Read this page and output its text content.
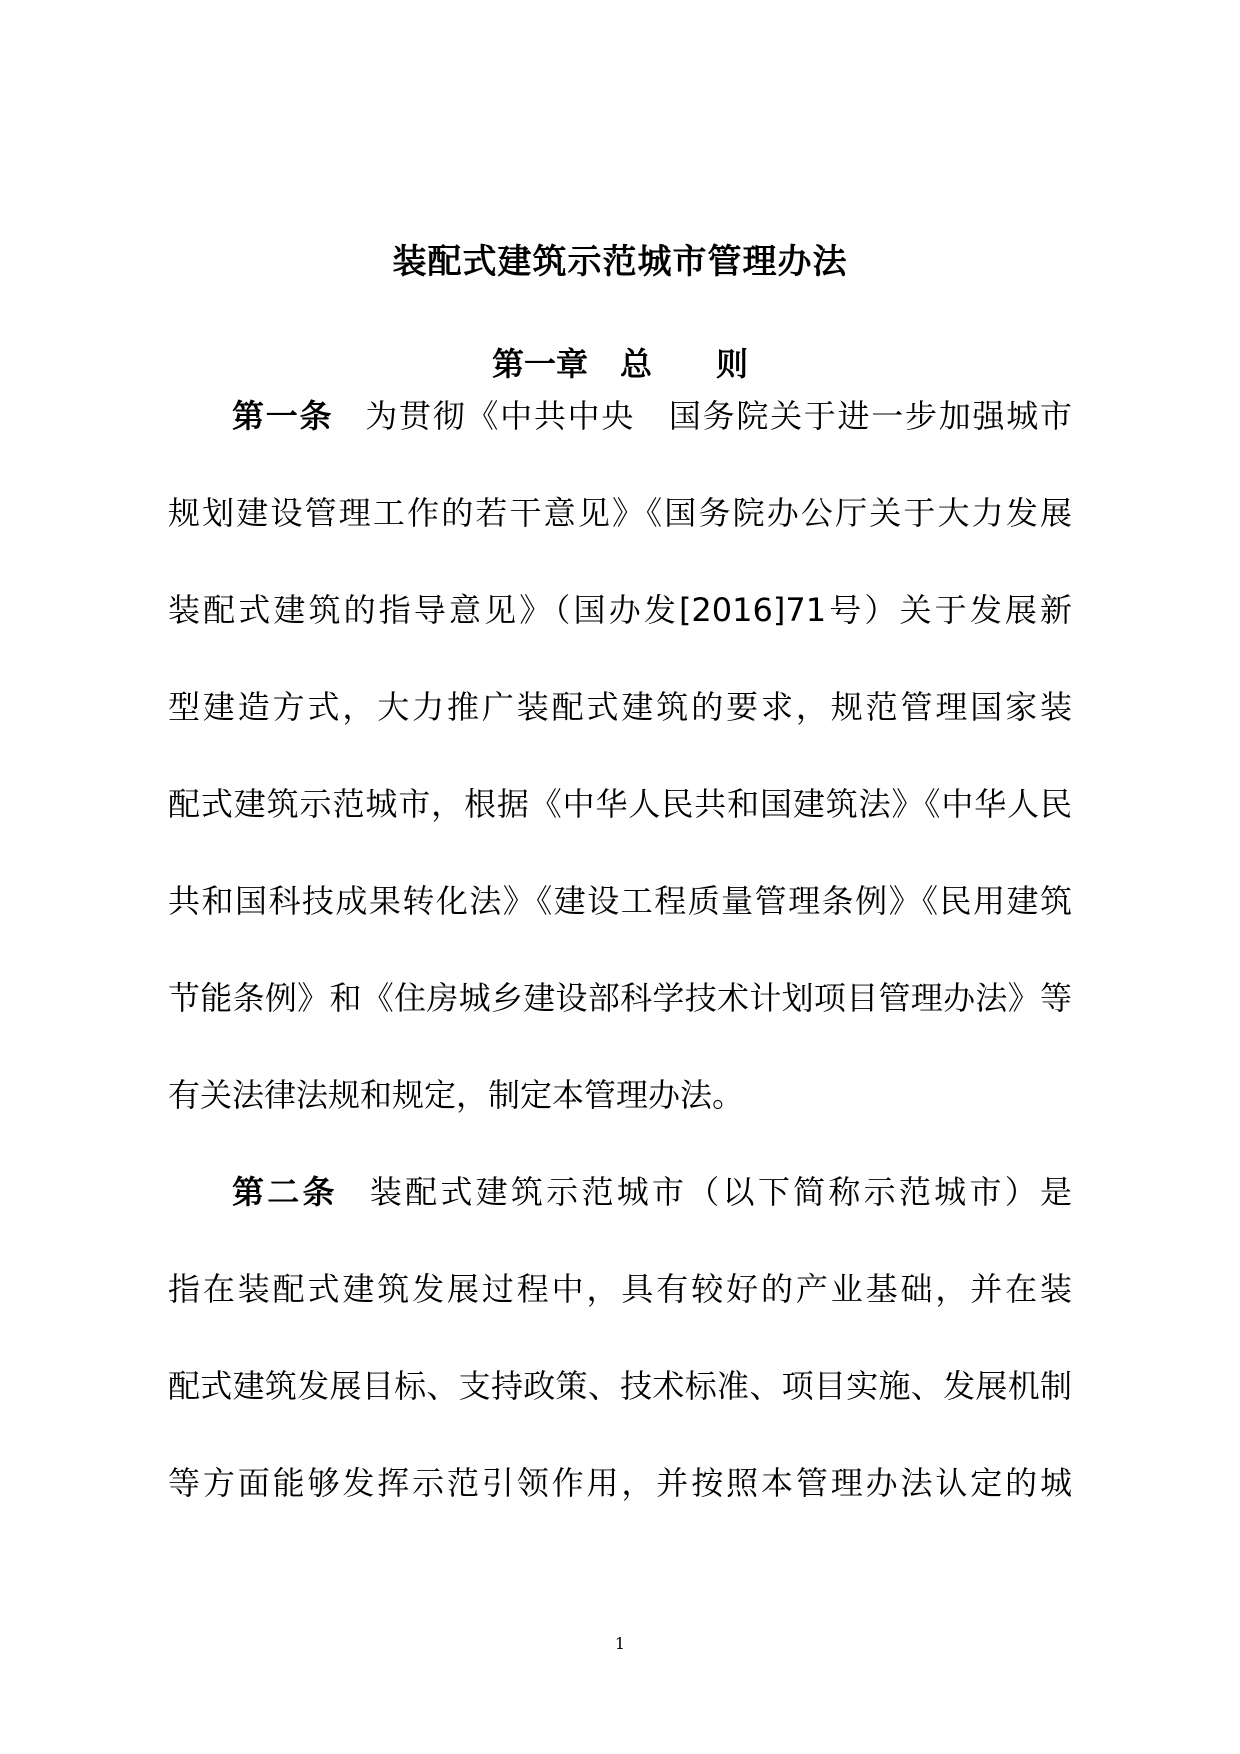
装配式建筑示范城市管理办法
第一章　总　　则
第一条 为贯彻《中共中央 国务院关于进一步加强城市
规划建设管理工作的若干意见》《国务院办公厅关于大力发展
装配式建筑的指导意见》（国办发[2016]71号）关于发展新
型建造方式，大力推广装配式建筑的要求，规范管理国家装
配式建筑示范城市，根据《中华人民共和国建筑法》《中华人民
共和国科技成果转化法》《建设工程质量管理条例》《民用建筑
节能条例》和《住房城乡建设部科学技术计划项目管理办法》等
有关法律法规和规定，制定本管理办法。
第二条 装配式建筑示范城市（以下简称示范城市）是
指在装配式建筑发展过程中，具有较好的产业基础，并在装
配式建筑发展目标、支持政策、技术标准、项目实施、发展机制
等方面能够发挥示范引领作用，并按照本管理办法认定的城
1
